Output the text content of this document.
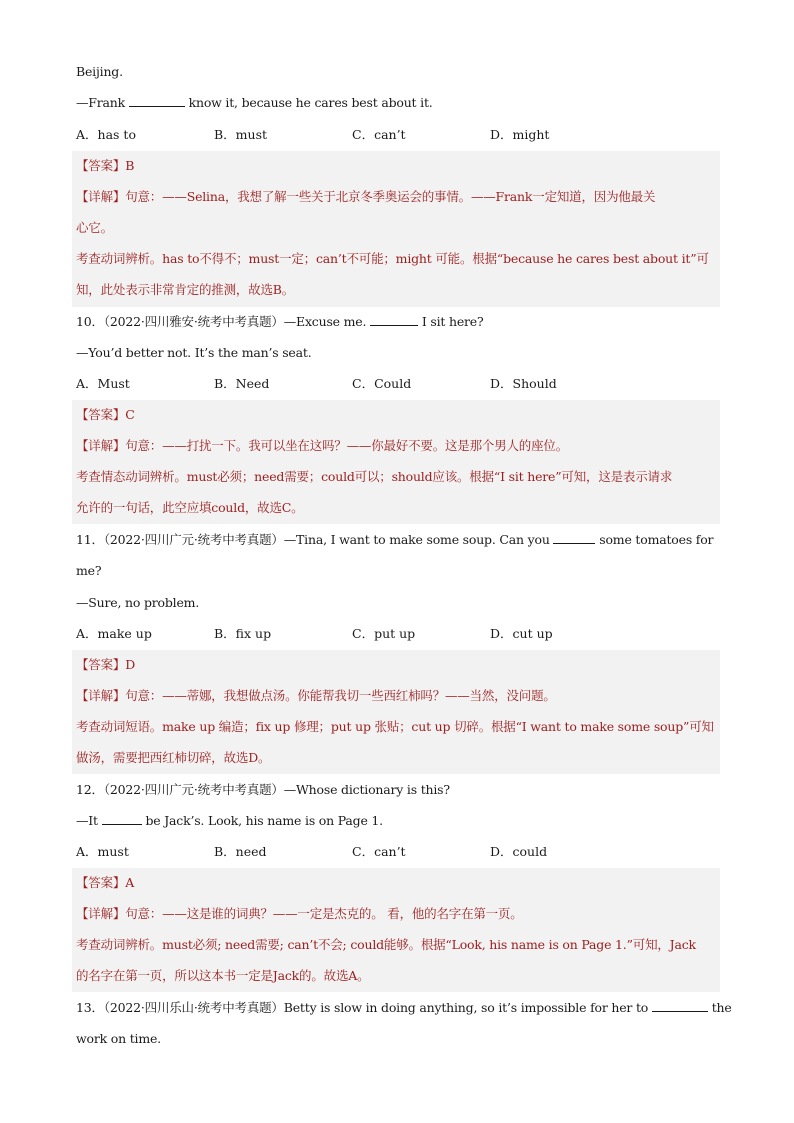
Beijing.
—Frank	know it, because he cares best about it.
A．has to	B．must	C．can’t	D．might
【答案】B
【详解】句意：——Selina，我想了解一些关于北京冬季奥运会的事情。——Frank一定知道，因为他最关
心它。
考查动词辨析。has to不得不；must一定；can’t不可能；might 可能。根据“because he cares best about it”可
知，此处表示非常肯定的推测，故选B。
10．（2022·四川雅安·统考中考真题）—Excuse me.	I sit here?
—You’d better not. It’s the man’s seat.
A．Must	B．Need	C．Could	D．Should
【答案】C
【详解】句意：——打扰一下。我可以坐在这吗？——你最好不要。这是那个男人的座位。
考查情态动词辨析。must必须；need需要；could可以；should应该。根据“I sit here”可知，这是表示请求
允许的一句话，此空应填could，故选C。
11．（2022·四川广元·统考中考真题）—Tina, I want to make some soup. Can you	some tomatoes for
me?
—Sure, no problem.
A．make up	B．fix up	C．put up	D．cut up
【答案】D
【详解】句意：——蒂娜，我想做点汤。你能帮我切一些西红柿吗？——当然，没问题。
考查动词短语。make up 编造；fix up 修理；put up 张贴；cut up 切碎。根据“I want to make some soup”可知
做汤，需要把西红柿切碎，故选D。
12．（2022·四川广元·统考中考真题）—Whose dictionary is this?
—It	be Jack’s. Look, his name is on Page 1.
A．must	B．need	C．can’t	D．could
【答案】A
【详解】句意：——这是谁的词典？——一定是杰克的。 看，他的名字在第一页。
考查动词辨析。must必须; need需要; can’t不会; could能够。根据“Look, his name is on Page 1.”可知，Jack
的名字在第一页，所以这本书一定是Jack的。故选A。
13．（2022·四川乐山·统考中考真题）Betty is slow in doing anything, so it’s impossible for her to	the
work on time.
